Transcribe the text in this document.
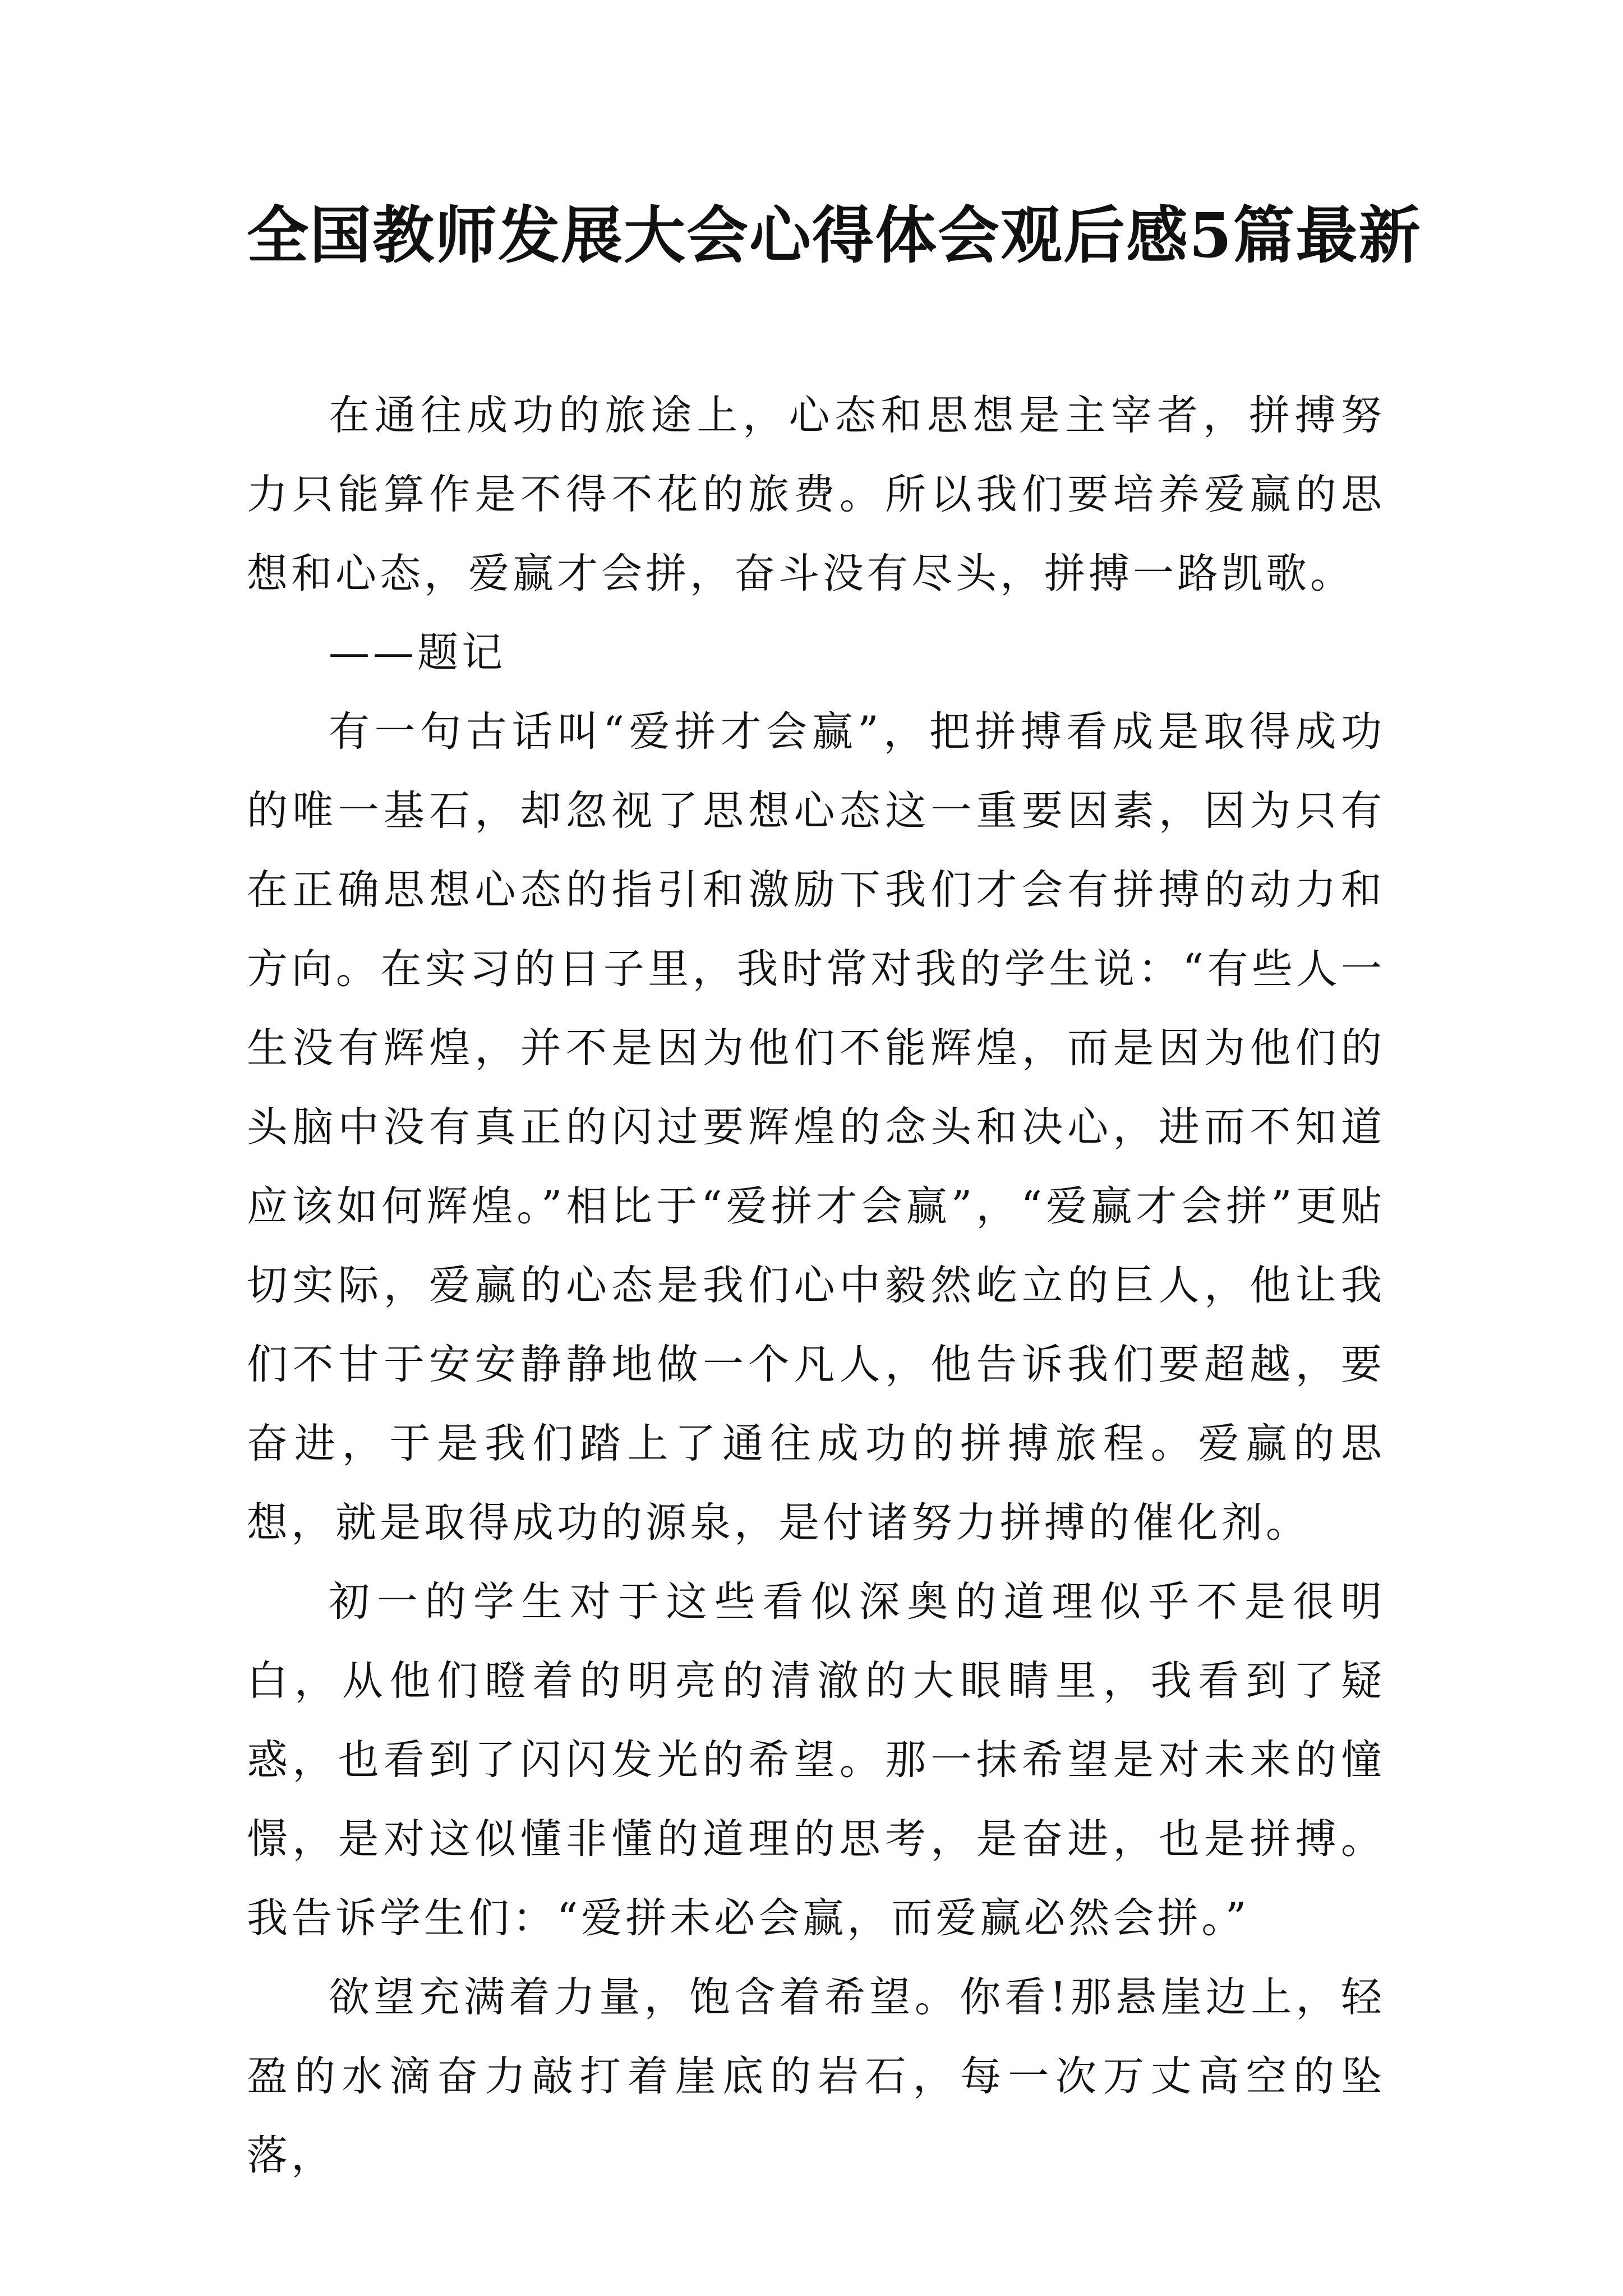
全国教师发展大会心得体会观后感5篇最新

在通往成功的旅途上，心态和思想是主宰者，拼搏努力只能算作是不得不花的旅费。所以我们要培养爱赢的思想和心态，爱赢才会拼，奋斗没有尽头，拼搏一路凯歌。

——题记

有一句古话叫“爱拼才会赢”，把拼搏看成是取得成功的唯一基石，却忽视了思想心态这一重要因素，因为只有在正确思想心态的指引和激励下我们才会有拼搏的动力和方向。在实习的日子里，我时常对我的学生说：“有些人一生没有辉煌，并不是因为他们不能辉煌，而是因为他们的头脑中没有真正的闪过要辉煌的念头和决心，进而不知道应该如何辉煌。”相比于“爱拼才会赢”，“爱赢才会拼”更贴切实际，爱赢的心态是我们心中毅然屹立的巨人，他让我们不甘于安安静静地做一个凡人，他告诉我们要超越，要奋进，于是我们踏上了通往成功的拼搏旅程。爱赢的思想，就是取得成功的源泉，是付诸努力拼搏的催化剂。

初一的学生对于这些看似深奥的道理似乎不是很明白，从他们瞪着的明亮的清澈的大眼睛里，我看到了疑惑，也看到了闪闪发光的希望。那一抹希望是对未来的憧憬，是对这似懂非懂的道理的思考，是奋进，也是拼搏。我告诉学生们：“爱拼未必会赢，而爱赢必然会拼。”

欲望充满着力量，饱含着希望。你看!那悬崖边上，轻盈的水滴奋力敲打着崖底的岩石，每一次万丈高空的坠落，
